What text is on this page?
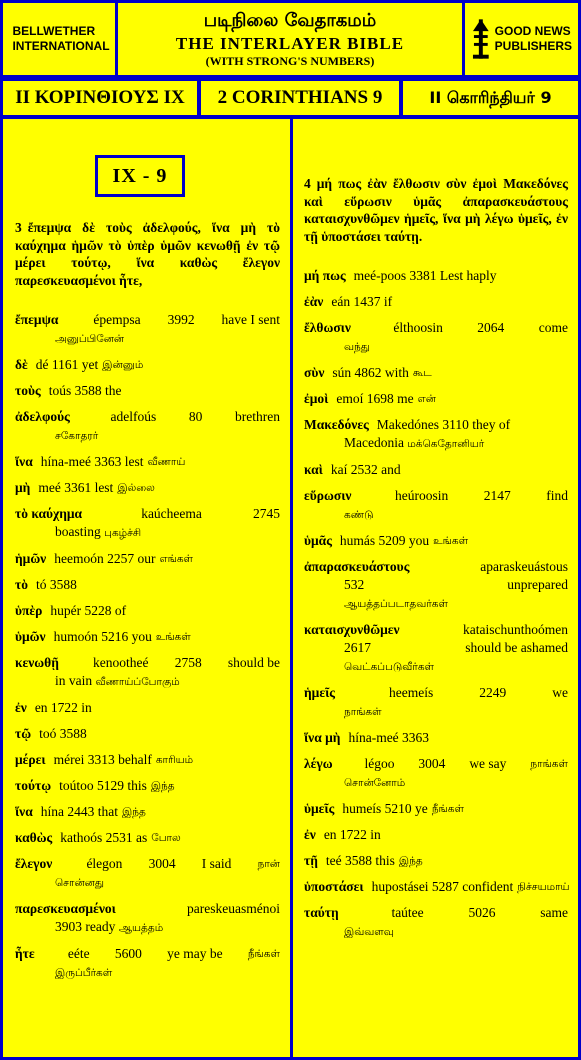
BELLWETHER
INTERNATIONAL
படிநிலை வேதாகமம்
THE INTERLAYER BIBLE
(WITH STRONG'S NUMBERS)
GOOD NEWS
PUBLISHERS
II ΚΟΡΙΝΘΙΟΥΣ IX	2 CORINTHIANS 9	II கொரிந்தியர் 9
IX - 9
3 ἔπεμψα δὲ τοὺς ἀδελφούς, ἵνα μὴ τὸ καύχημα ἡμῶν τὸ ὑπὲρ ὑμῶν κενωθῇ ἐν τῷ μέρει τούτῳ, ἵνα καθὼς ἔλεγον παρεσκευασμένοι ἦτε,
ἔπεμψα	épempsa 3992 have I sent
அனுப்பினேன்
δὲ dé 1161 yet இன்னும்
τοὺς toús 3588 the
ἀδελφούς	adelfoús 80 brethren
சகோதரர்
ἵνα hína-meé 3363 lest வீணாய்
μὴ meé 3361 lest இல்லை
τὸ καύχημα	kaúcheema	2745
boasting புகழ்ச்சி
ἡμῶν heemoón 2257 our எங்கள்
τὸ tó 3588
ὑπὲρ hupér 5228 of
ὑμῶν humoón 5216 you உங்கள்
κενωθῇ	kenootheé 2758 should be
in vain வீணாய்ப்போகும்
ἐν en 1722 in
τῷ toó 3588
μέρει mérei 3313 behalf காரியம்
τούτῳ toútoo 5129 this இந்த
ἵνα hína 2443 that இந்த
καθὼς kathoós 2531 as போல
ἔλεγον	élegon 3004 I said நான்
சொன்னது
παρεσκευασμένοι	pareskeuasménoi
3903 ready ஆயத்தம்
ἦτε eéte 5600 ye may be நீங்கள்
இருப்பீர்கள்
4 μή πως ἐὰν ἔλθωσιν σὺν ἐμοὶ Μακεδόνες καὶ εὕρωσιν ὑμᾶς ἀπαρασκευάστους καταισχυνθῶμεν ἡμεῖς, ἵνα μὴ λέγω ὑμεῖς, ἐν τῇ ὑποστάσει ταύτῃ.
μή πως meé-poos 3381 Lest haply
ἐὰν eán 1437 if
ἔλθωσιν	élthoosin	2064	come
வந்து
σὺν sún 4862 with கூட
ἐμοὶ emoí 1698 me என்
Μακεδόνες Makedónes 3110 they of
Macedonia மக்கெதோனியர்
καὶ kaí 2532 and
εὕρωσιν	heúroosin	2147	find
கண்டு
ὑμᾶς humás 5209 you உங்கள்
ἀπαρασκευάστους	aparaskeuástous
532	unprepared
ஆயத்தப்படாதவர்கள்
καταισχυνθῶμεν	kataischunthoómen
2617	should be ashamed
வெட்கப்படுவீர்கள்
ἡμεῖς	heemeís	2249	we
நாங்கள்
ἵνα μὴ hína-meé 3363
λέγω légoo 3004 we say நாங்கள்
சொன்னோம்
ὑμεῖς humeís 5210 ye நீங்கள்
ἐν en 1722 in
τῇ teé 3588 this இந்த
ὑποστάσει hupostásei 5287 confident நிச்சயமாய்
ταύτῃ	taútee	5026	same
இவ்வளவு
